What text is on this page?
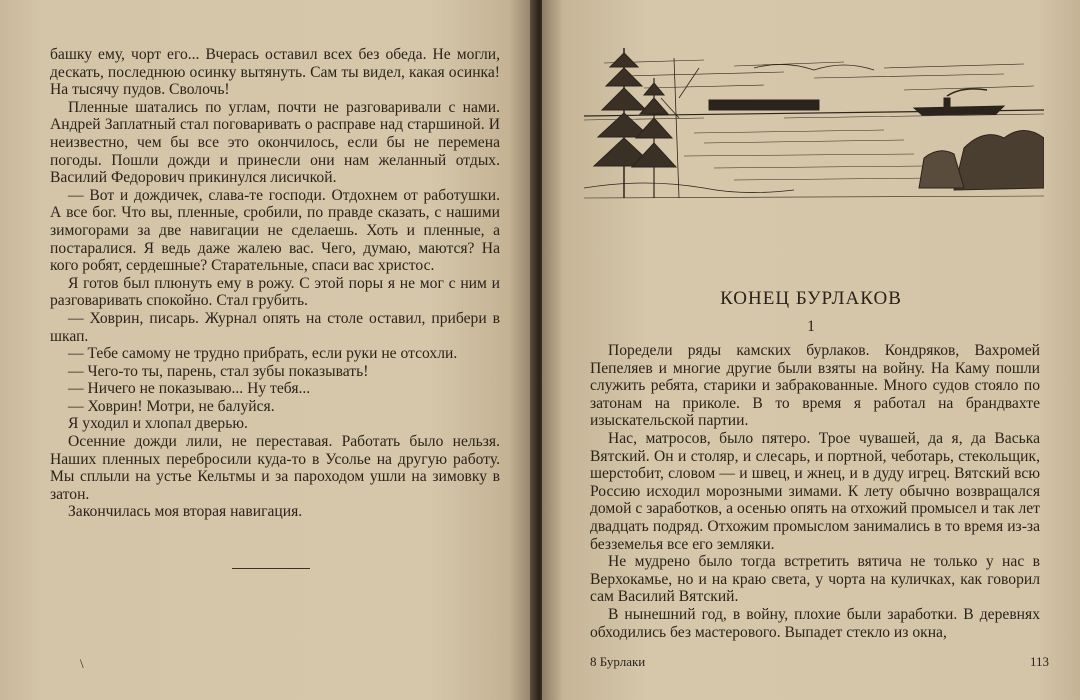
башку ему, чорт его... Вчерась оставил всех без обеда. Не могли, дескать, последнюю осинку вытянуть. Сам ты видел, какая осинка! На тысячу пудов. Сволочь!

Пленные шатались по углам, почти не разговаривали с нами. Андрей Заплатный стал поговаривать о расправе над старшиной. И неизвестно, чем бы все это окончилось, если бы не перемена погоды. Пошли дожди и принесли они нам желанный отдых. Василий Федорович прикинулся лисичкой.

— Вот и дождичек, слава-те господи. Отдохнем от работушки. А все бог. Что вы, пленные, сробили, по правде сказать, с нашими зимогорами за две навигации не сделаешь. Хоть и пленные, а постаралися. Я ведь даже жалею вас. Чего, думаю, маются? На кого робят, сердешные? Старательные, спаси вас христос.

Я готов был плюнуть ему в рожу. С этой поры я не мог с ним и разговаривать спокойно. Стал грубить.

— Ховрин, писарь. Журнал опять на столе оставил, прибери в шкап.

— Тебе самому не трудно прибрать, если руки не отсохли.

— Чего-то ты, парень, стал зубы показывать!

— Ничего не показываю... Ну тебя...

— Ховрин! Мотри, не балуйся.

Я уходил и хлопал дверью.

Осенние дожди лили, не переставая. Работать было нельзя. Наших пленных перебросили куда-то в Усолье на другую работу. Мы сплыли на устье Кельтмы и за пароходом ушли на зимовку в затон.

Закончилась моя вторая навигация.

\
КОНЕЦ БУРЛАКОВ
1

Поредели ряды камских бурлаков. Кондряков, Вахромей Пепеляев и многие другие были взяты на войну. На Каму пошли служить ребята, старики и забракованные. Много судов стояло по затонам на приколе. В то время я работал на брандвахте изыскательской партии.

Нас, матросов, было пятеро. Трое чувашей, да я, да Васька Вятский. Он и столяр, и слесарь, и портной, чеботарь, стекольщик, шерстобит, словом — и швец, и жнец, и в дуду игрец. Вятский всю Россию исходил морозными зимами. К лету обычно возвращался домой с заработков, а осенью опять на отхожий промысел и так лет двадцать подряд. Отхожим промыслом занимались в то время из-за безземелья все его земляки.

Не мудрено было тогда встретить вятича не только у нас в Верхокамье, но и на краю света, у чорта на куличках, как говорил сам Василий Вятский.

В нынешний год, в войну, плохие были заработки. В деревнях обходились без мастерового. Выпадет стекло из окна,

8 Бурлаки	113
